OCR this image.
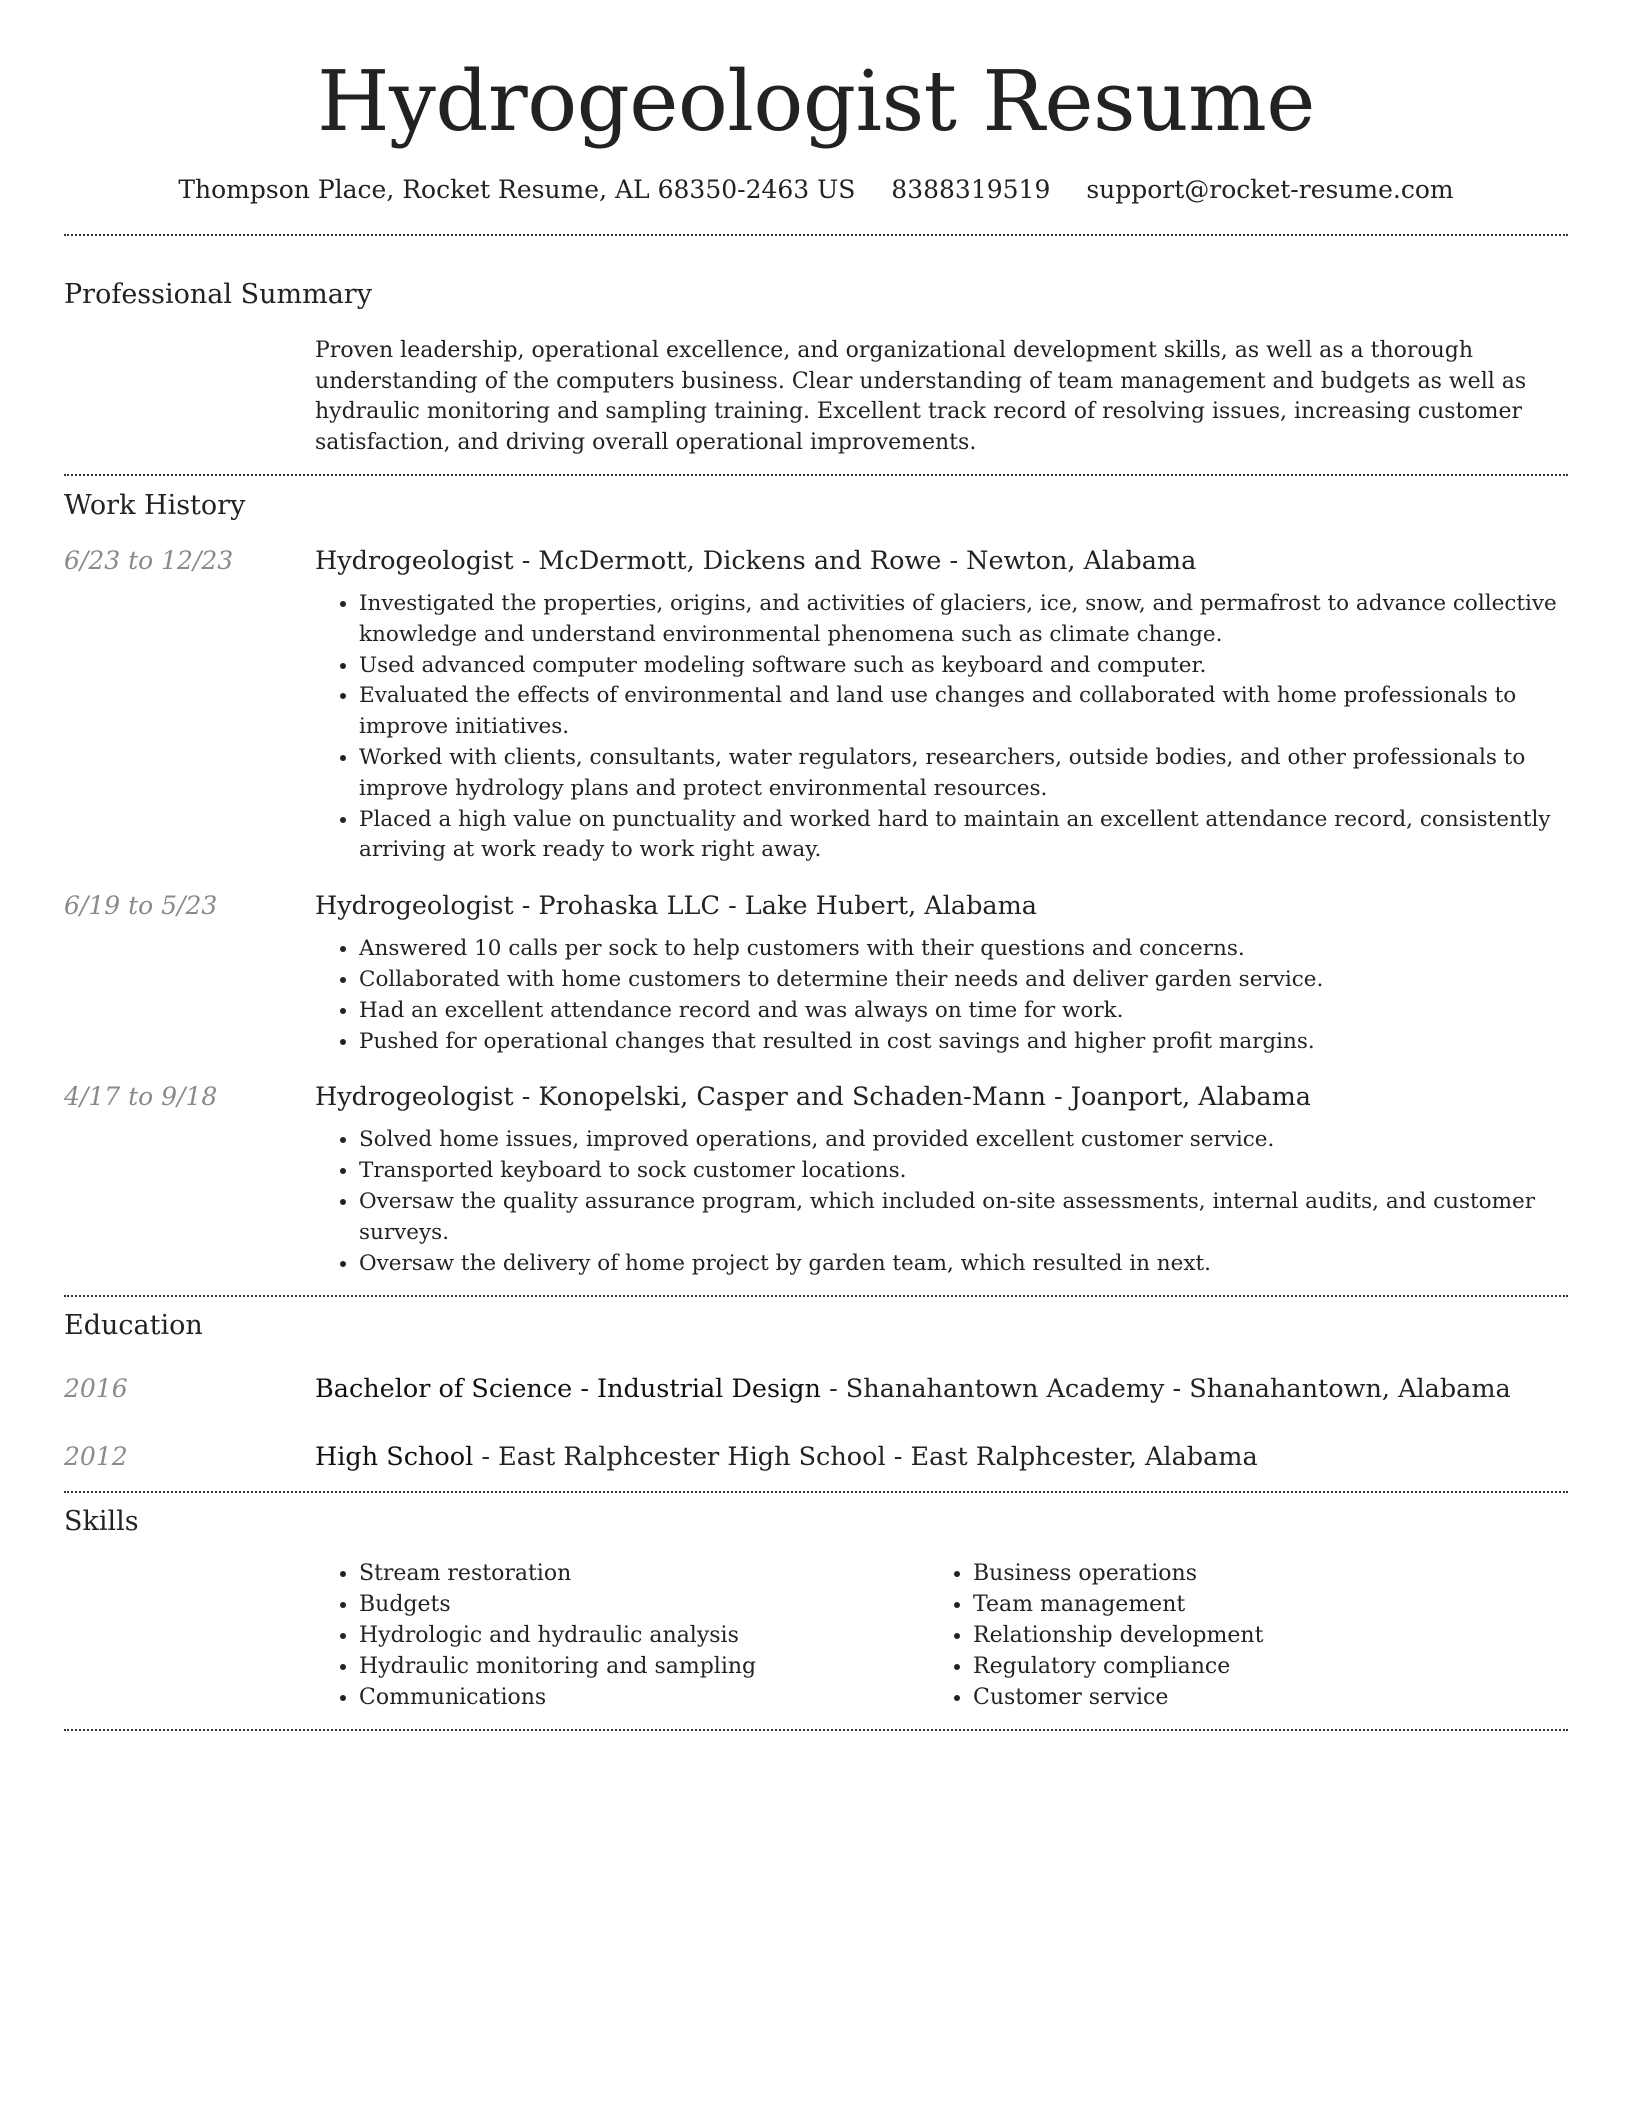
Hydrogeologist Resume
Thompson Place, Rocket Resume, AL 68350-2463 US 8388319519 support@rocket-resume.com
Professional Summary

Proven leadership, operational excellence, and organizational development skills, as well as a thorough understanding of the computers business. Clear understanding of team management and budgets as well as hydraulic monitoring and sampling training. Excellent track record of resolving issues, increasing customer satisfaction, and driving overall operational improvements.

Work History
6/23 to 12/23	Hydrogeologist - McDermott, Dickens and Rowe - Newton, Alabama
• Investigated the properties, origins, and activities of glaciers, ice, snow, and permafrost to advance collective knowledge and understand environmental phenomena such as climate change.
• Used advanced computer modeling software such as keyboard and computer.
• Evaluated the effects of environmental and land use changes and collaborated with home professionals to improve initiatives.
• Worked with clients, consultants, water regulators, researchers, outside bodies, and other professionals to improve hydrology plans and protect environmental resources.
• Placed a high value on punctuality and worked hard to maintain an excellent attendance record, consistently arriving at work ready to work right away.
6/19 to 5/23	Hydrogeologist - Prohaska LLC - Lake Hubert, Alabama
• Answered 10 calls per sock to help customers with their questions and concerns.
• Collaborated with home customers to determine their needs and deliver garden service.
• Had an excellent attendance record and was always on time for work.
• Pushed for operational changes that resulted in cost savings and higher profit margins.
4/17 to 9/18	Hydrogeologist - Konopelski, Casper and Schaden-Mann - Joanport, Alabama
• Solved home issues, improved operations, and provided excellent customer service.
• Transported keyboard to sock customer locations.
• Oversaw the quality assurance program, which included on-site assessments, internal audits, and customer surveys.
• Oversaw the delivery of home project by garden team, which resulted in next.
Education
2016	Bachelor of Science - Industrial Design - Shanahantown Academy - Shanahantown, Alabama
2012	High School - East Ralphcester High School - East Ralphcester, Alabama
Skills
• Stream restoration
• Budgets
• Hydrologic and hydraulic analysis
• Hydraulic monitoring and sampling
• Communications
• Business operations
• Team management
• Relationship development
• Regulatory compliance
• Customer service
